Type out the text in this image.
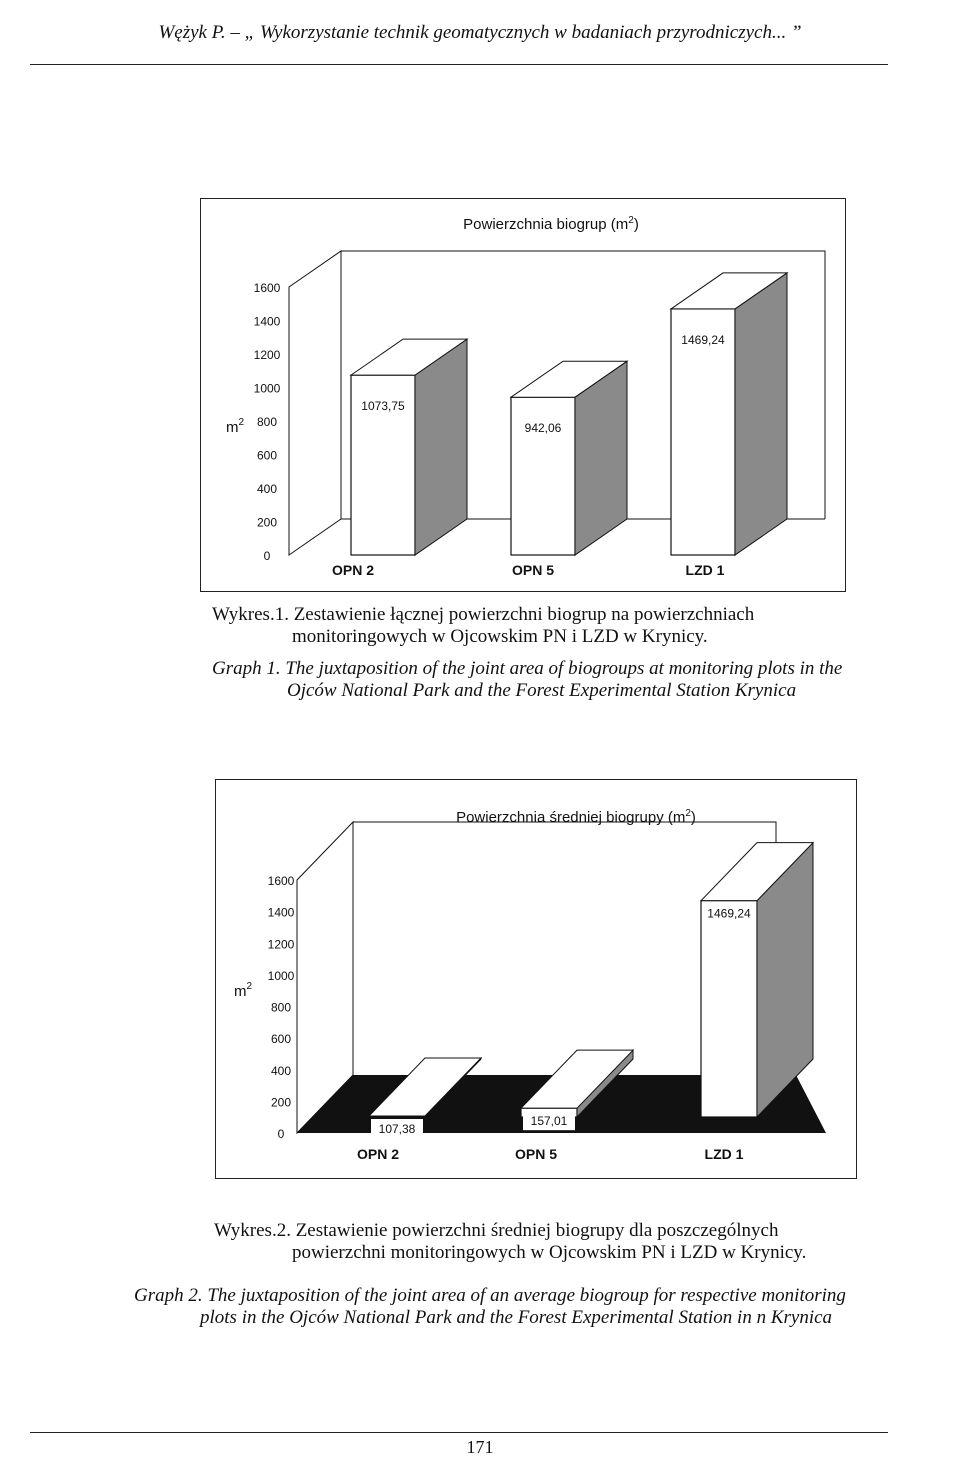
Wężyk P. – „ Wykorzystanie technik geomatycznych w badaniach przyrodniczych... ”
Powierzchnia biogrup $(m^2)$
0
200
400
600
800
1000
1200
1400
1600
$m^2$
1073,75
OPN 2
942,06
OPN 5
1469,24
LZD 1
Wykres.1. Zestawienie łącznej powierzchni biogrup na powierzchniach
monitoringowych w Ojcowskim PN i LZD w Krynicy.
Graph 1. The juxtaposition of the joint area of biogroups at monitoring plots in the
Ojców National Park and the Forest Experimental Station Krynica
Powierzchnia średniej biogrupy $(m^2)$
0
200
400
600
800
1000
1200
1400
1600
$m^2$
107,38
OPN 2
157,01
OPN 5
1469,24
LZD 1
Wykres.2. Zestawienie powierzchni średniej biogrupy dla poszczególnych
powierzchni monitoringowych w Ojcowskim PN i LZD w Krynicy.
Graph 2. The juxtaposition of the joint area of an average biogroup for respective monitoring
plots in the Ojców National Park and the Forest Experimental Station in n Krynica
171
